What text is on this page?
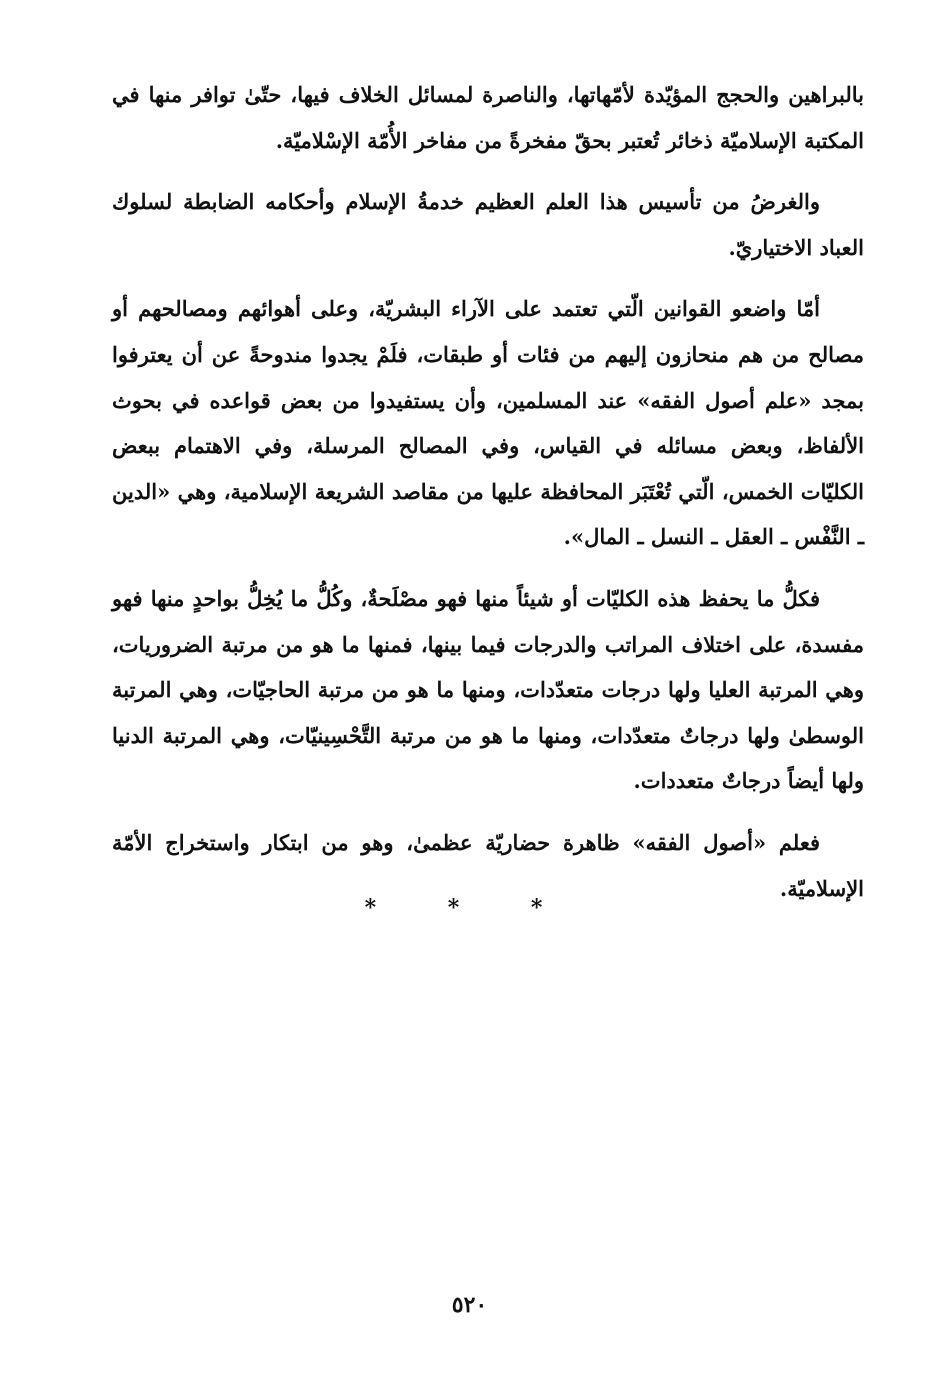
بالبراهين والحجج المؤيّدة لأمّهاتها، والناصرة لمسائل الخلاف فيها، حتّىٰ توافر منها في المكتبة الإسلاميّة ذخائر تُعتبر بحقّ مفخرةً من مفاخر الأُمّة الإسْلاميّة.

والغرضُ من تأسيس هذا العلم العظيم خدمةُ الإسلام وأحكامه الضابطة لسلوك العباد الاختياريّ.

أمّا واضعو القوانين الّتي تعتمد على الآراء البشريّة، وعلى أهوائهم ومصالحهم أو مصالح من هم منحازون إليهم من فئات أو طبقات، فلَمْ يجدوا مندوحةً عن أن يعترفوا بمجد «علم أصول الفقه» عند المسلمين، وأن يستفيدوا من بعض قواعده في بحوث الألفاظ، وبعض مسائله في القياس، وفي المصالح المرسلة، وفي الاهتمام ببعض الكليّات الخمس، الّتي تُعْتَبَر المحافظة عليها من مقاصد الشريعة الإسلامية، وهي «الدين ـ النَّفْس ـ العقل ـ النسل ـ المال».

فكلُّ ما يحفظ هذه الكليّات أو شيئاً منها فهو مصْلَحةٌ، وكُلُّ ما يُخِلُّ بواحدٍ منها فهو مفسدة، على اختلاف المراتب والدرجات فيما بينها، فمنها ما هو من مرتبة الضروريات، وهي المرتبة العليا ولها درجات متعدّدات، ومنها ما هو من مرتبة الحاجيّات، وهي المرتبة الوسطىٰ ولها درجاتٌ متعدّدات، ومنها ما هو من مرتبة التَّحْسِينيّات، وهي المرتبة الدنيا ولها أيضاً درجاتٌ متعددات.

فعلم «أصول الفقه» ظاهرة حضاريّة عظمىٰ، وهو من ابتكار واستخراج الأمّة الإسلاميّة.

* * *
٥٢٠
